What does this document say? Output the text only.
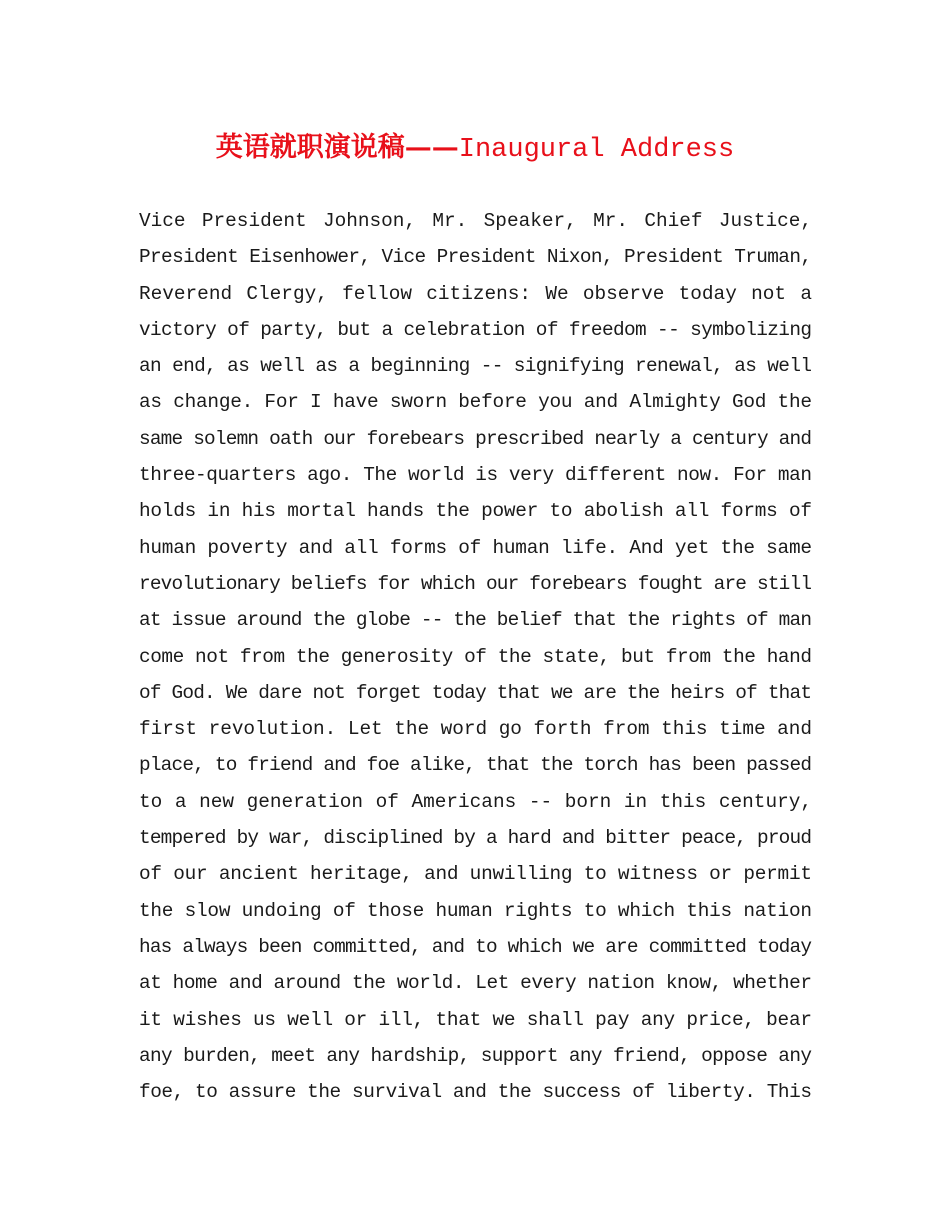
英语就职演说稿——Inaugural Address
Vice President Johnson, Mr. Speaker, Mr. Chief Justice,
President Eisenhower, Vice President Nixon, President Truman,
Reverend Clergy, fellow citizens: We observe today not a
victory of party, but a celebration of freedom -- symbolizing
an end, as well as a beginning -- signifying renewal, as well
as change. For I have sworn before you and Almighty God the
same solemn oath our forebears prescribed nearly a century and
three-quarters ago. The world is very different now. For man
holds in his mortal hands the power to abolish all forms of
human poverty and all forms of human life. And yet the same
revolutionary beliefs for which our forebears fought are still
at issue around the globe -- the belief that the rights of man
come not from the generosity of the state, but from the hand
of God. We dare not forget today that we are the heirs of that
first revolution. Let the word go forth from this time and
place, to friend and foe alike, that the torch has been passed
to a new generation of Americans -- born in this century,
tempered by war, disciplined by a hard and bitter peace, proud
of our ancient heritage, and unwilling to witness or permit
the slow undoing of those human rights to which this nation
has always been committed, and to which we are committed today
at home and around the world. Let every nation know, whether
it wishes us well or ill, that we shall pay any price, bear
any burden, meet any hardship, support any friend, oppose any
foe, to assure the survival and the success of liberty. This
